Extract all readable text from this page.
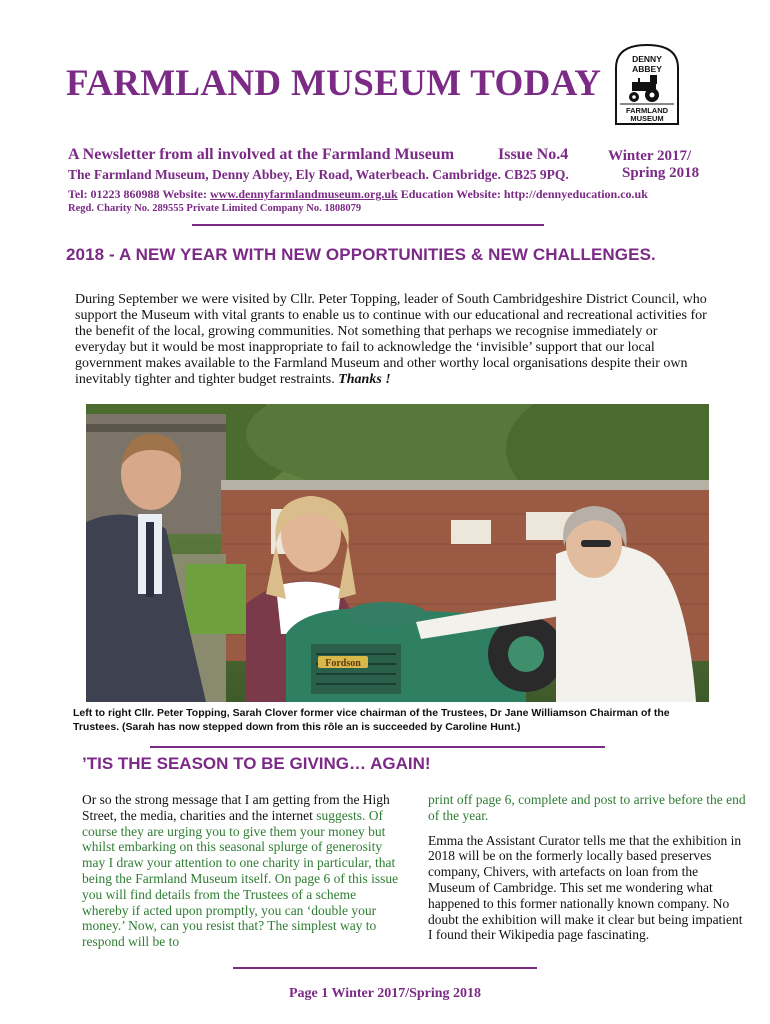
FARMLAND MUSEUM TODAY
DENNY
ABBEY
FARMLAND
MUSEUM
A Newsletter from all involved at the Farmland Museum	Issue No.4	Winter 2017/
The Farmland Museum, Denny Abbey, Ely Road, Waterbeach. Cambridge. CB25 9PQ.	Spring 2018
Tel: 01223 860988 Website: www.dennyfarmlandmuseum.org.uk Education Website: http://dennyeducation.co.uk
Regd. Charity No. 289555 Private Limited Company No. 1808079
2018 - A NEW YEAR WITH NEW OPPORTUNITIES & NEW CHALLENGES.
During September we were visited by Cllr. Peter Topping, leader of South Cambridgeshire District Council, who support the Museum with vital grants to enable us to continue with our educational and recreational activities for the benefit of the local, growing communities. Not something that perhaps we recognise immediately or everyday but it would be most inappropriate to fail to acknowledge the ‘invisible’ support that our local government makes available to the Farmland Museum and other worthy local organisations despite their own inevitably tighter and tighter budget restraints. Thanks !
Fordson
Left to right Cllr. Peter Topping, Sarah Clover former vice chairman of the Trustees, Dr Jane Williamson Chairman of the Trustees. (Sarah has now stepped down from this rôle an is succeeded by Caroline Hunt.)
’TIS THE SEASON TO BE GIVING… AGAIN!
Or so the strong message that I am getting from the High Street, the media, charities and the internet suggests. Of course they are urging you to give them your money but whilst embarking on this seasonal splurge of generosity may I draw your attention to one charity in particular, that being the Farmland Museum itself. On page 6 of this issue you will find details from the Trustees of a scheme whereby if acted upon promptly, you can ‘double your money.’ Now, can you resist that? The simplest way to respond will be to
print off page 6, complete and post to arrive before the end of the year.
Emma the Assistant Curator tells me that the exhibition in 2018 will be on the formerly locally based preserves company, Chivers, with artefacts on loan from the Museum of Cambridge. This set me wondering what happened to this former nationally known company. No doubt the exhibition will make it clear but being impatient I found their Wikipedia page fascinating.
Page 1 Winter 2017/Spring 2018
